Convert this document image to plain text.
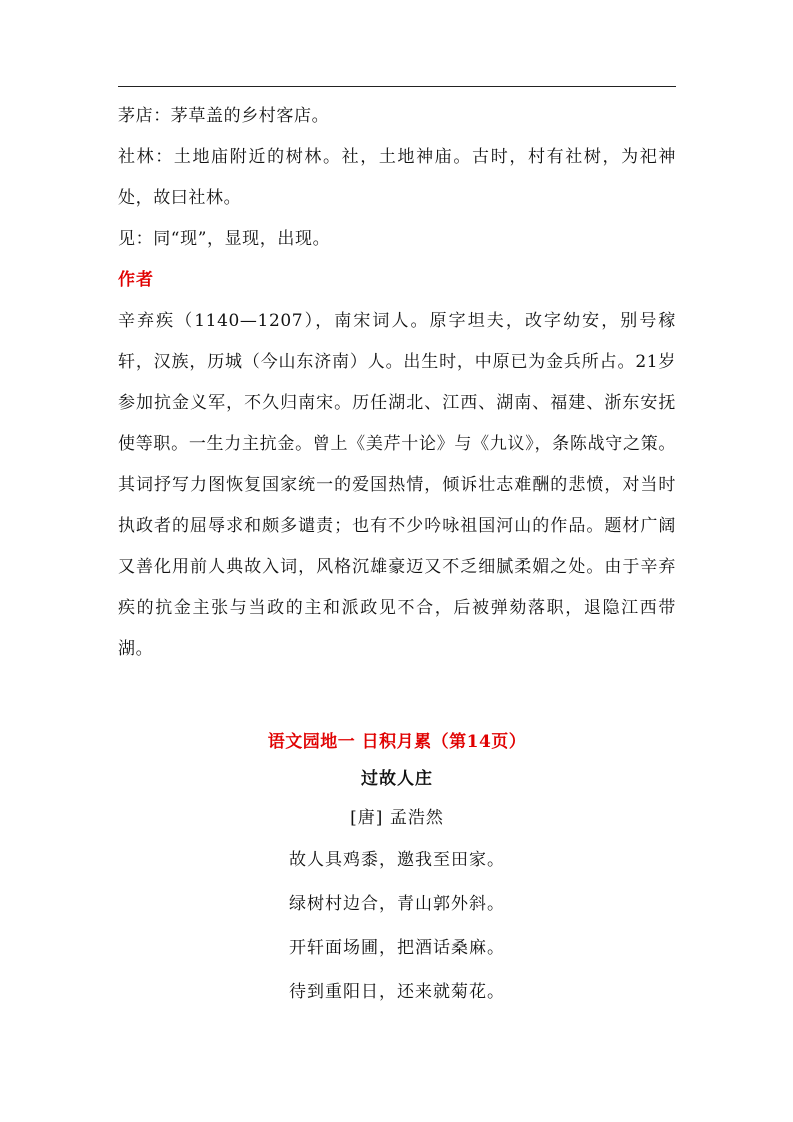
茅店：茅草盖的乡村客店。

社林：土地庙附近的树林。社，土地神庙。古时，村有社树，为祀神处，故曰社林。

见：同“现”，显现，出现。

作者

辛弃疾（1140—1207），南宋词人。原字坦夫，改字幼安，别号稼轩，汉族，历城（今山东济南）人。出生时，中原已为金兵所占。21岁参加抗金义军，不久归南宋。历任湖北、江西、湖南、福建、浙东安抚使等职。一生力主抗金。曾上《美芹十论》与《九议》，条陈战守之策。其词抒写力图恢复国家统一的爱国热情，倾诉壮志难酬的悲愤，对当时执政者的屈辱求和颇多谴责；也有不少吟咏祖国河山的作品。题材广阔又善化用前人典故入词，风格沉雄豪迈又不乏细腻柔媚之处。由于辛弃疾的抗金主张与当政的主和派政见不合，后被弹劾落职，退隐江西带湖。

语文园地一 日积月累（第14页）

过故人庄

[唐] 孟浩然

故人具鸡黍，邀我至田家。

绿树村边合，青山郭外斜。

开轩面场圃，把酒话桑麻。

待到重阳日，还来就菊花。
